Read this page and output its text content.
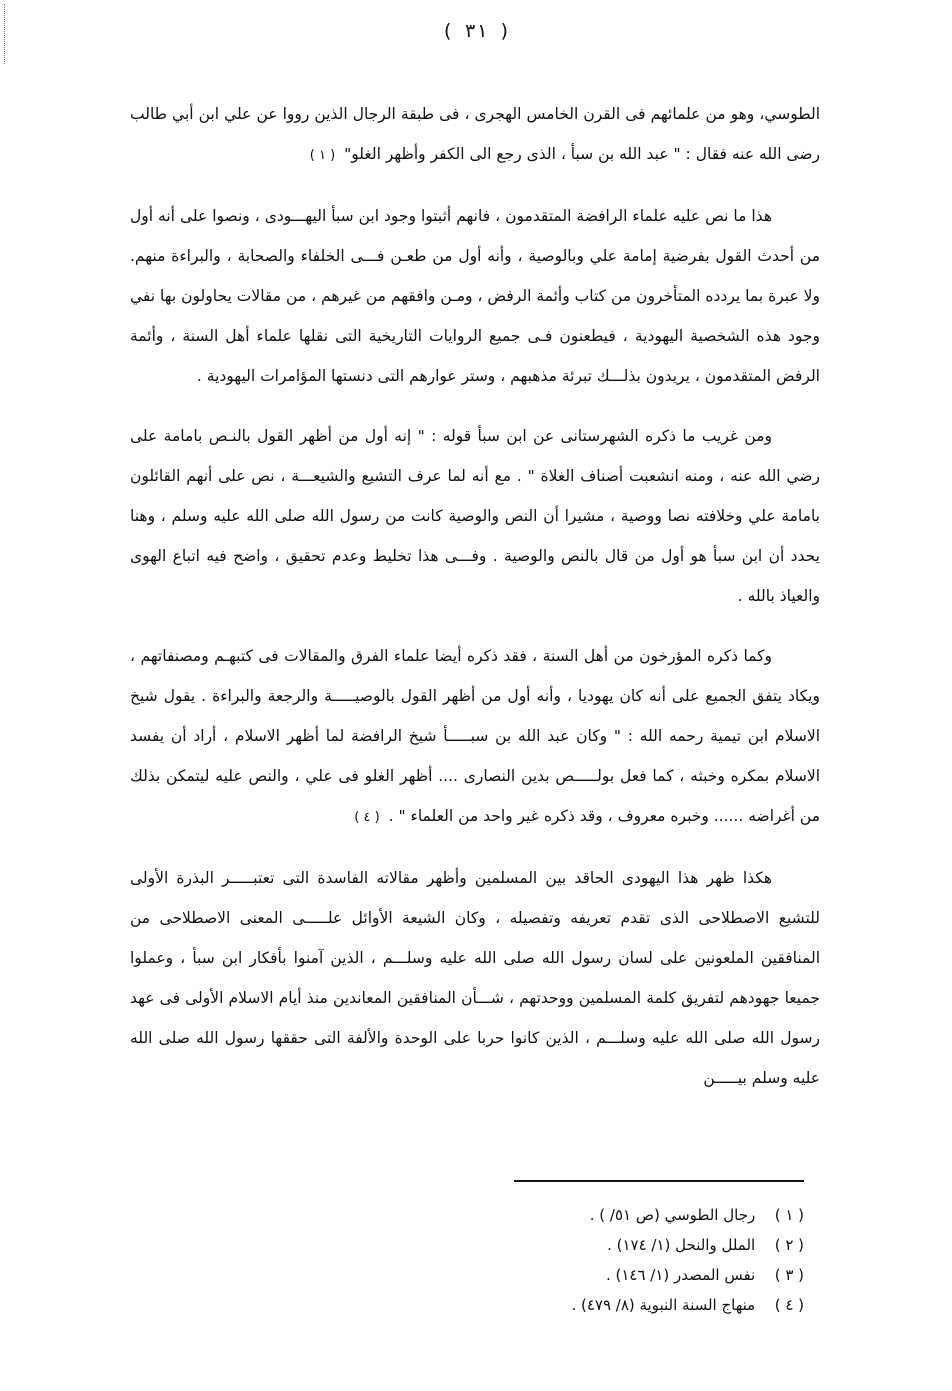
( ٣١ )

الطوسي، وهو من علمائهم فى القرن الخامس الهجرى ، فى طبقة الرجال الذين رووا عن علي ابن أبي طالب رضى الله عنه فقال : " عبد الله بن سبأ ، الذى رجع الى الكفر وأظهر الغلو" ( ١ )

هذا ما نص عليه علماء الرافضة المتقدمون ، فانهم أثبتوا وجود ابن سبأ اليهـــودى ، ونصوا على أنه أول من أحدث القول بفرضية إمامة علي وبالوصية ، وأنه أول من طعـن فـــى الخلفاء والصحابة ، والبراءة منهم. ولا عبرة بما يردده المتأخرون من كتاب وأئمة الرفض ، ومـن وافقهم من غيرهم ، من مقالات يحاولون بها نفي وجود هذه الشخصية اليهودية ، فيطعنون فـى جميع الروايات التاريخية التى نقلها علماء أهل السنة ، وأئمة الرفض المتقدمون ، يريدون بذلـــك تبرئة مذهبهم ، وستر عوارهم التى دنستها المؤامرات اليهودية .

ومن غريب ما ذكره الشهرستانى عن ابن سبأ قوله : " إنه أول من أظهر القول بالنـص بامامة على رضي الله عنه ، ومنه انشعبت أصناف الغلاة " . مع أنه لما عرف التشيع والشيعـــة ، نص على أنهم القائلون بامامة علي وخلافته نصا ووصية ، مشيرا أن النص والوصية كانت من رسول الله صلى الله عليه وسلم ، وهنا يحدد أن ابن سبأ هو أول من قال بالنص والوصية . وفـــى هذا تخليط وعدم تحقيق ، واضح فيه اتباع الهوى والعياذ بالله .

وكما ذكره المؤرخون من أهل السنة ، فقد ذكره أيضا علماء الفرق والمقالات فى كتبهـم ومصنفاتهم ، ويكاد يتفق الجميع على أنه كان يهوديا ، وأنه أول من أظهر القول بالوصيـــــة والرجعة والبراءة . يقول شيخ الاسلام ابن تيمية رحمه الله : " وكان عبد الله بن سبـــــأ شيخ الرافضة لما أظهر الاسلام ، أراد أن يفسد الاسلام بمكره وخبثه ، كما فعل بولـــــص بدين النصارى .... أظهر الغلو فى علي ، والنص عليه ليتمكن بذلك من أغراضه ...... وخبره معروف ، وقد ذكره غير واحد من العلماء " . ( ٤ )

هكذا ظهر هذا اليهودى الحاقد بين المسلمين وأظهر مقالاته الفاسدة التى تعتبـــــر البذرة الأولى للتشيع الاصطلاحى الذى تقدم تعريفه وتفصيله ، وكان الشيعة الأوائل علـــــى المعنى الاصطلاحى من المنافقين الملعونين على لسان رسول الله صلى الله عليه وسلـــم ، الذين آمنوا بأفكار ابن سبأ ، وعملوا جميعا جهودهم لتفريق كلمة المسلمين ووحدتهم ، شـــأن المنافقين المعاندين منذ أيام الاسلام الأولى فى عهد رسول الله صلى الله عليه وسلـــم ، الذين كانوا حربا على الوحدة والألفة التى حققها رسول الله صلى الله عليه وسلم بيـــــن

( ١ ) رجال الطوسي (ص ٥١/ ) .
( ٢ ) الملل والنحل (١/ ١٧٤) .
( ٣ ) نفس المصدر (١/ ١٤٦) .
( ٤ ) منهاج السنة النبوية (٨/ ٤٧٩) .
